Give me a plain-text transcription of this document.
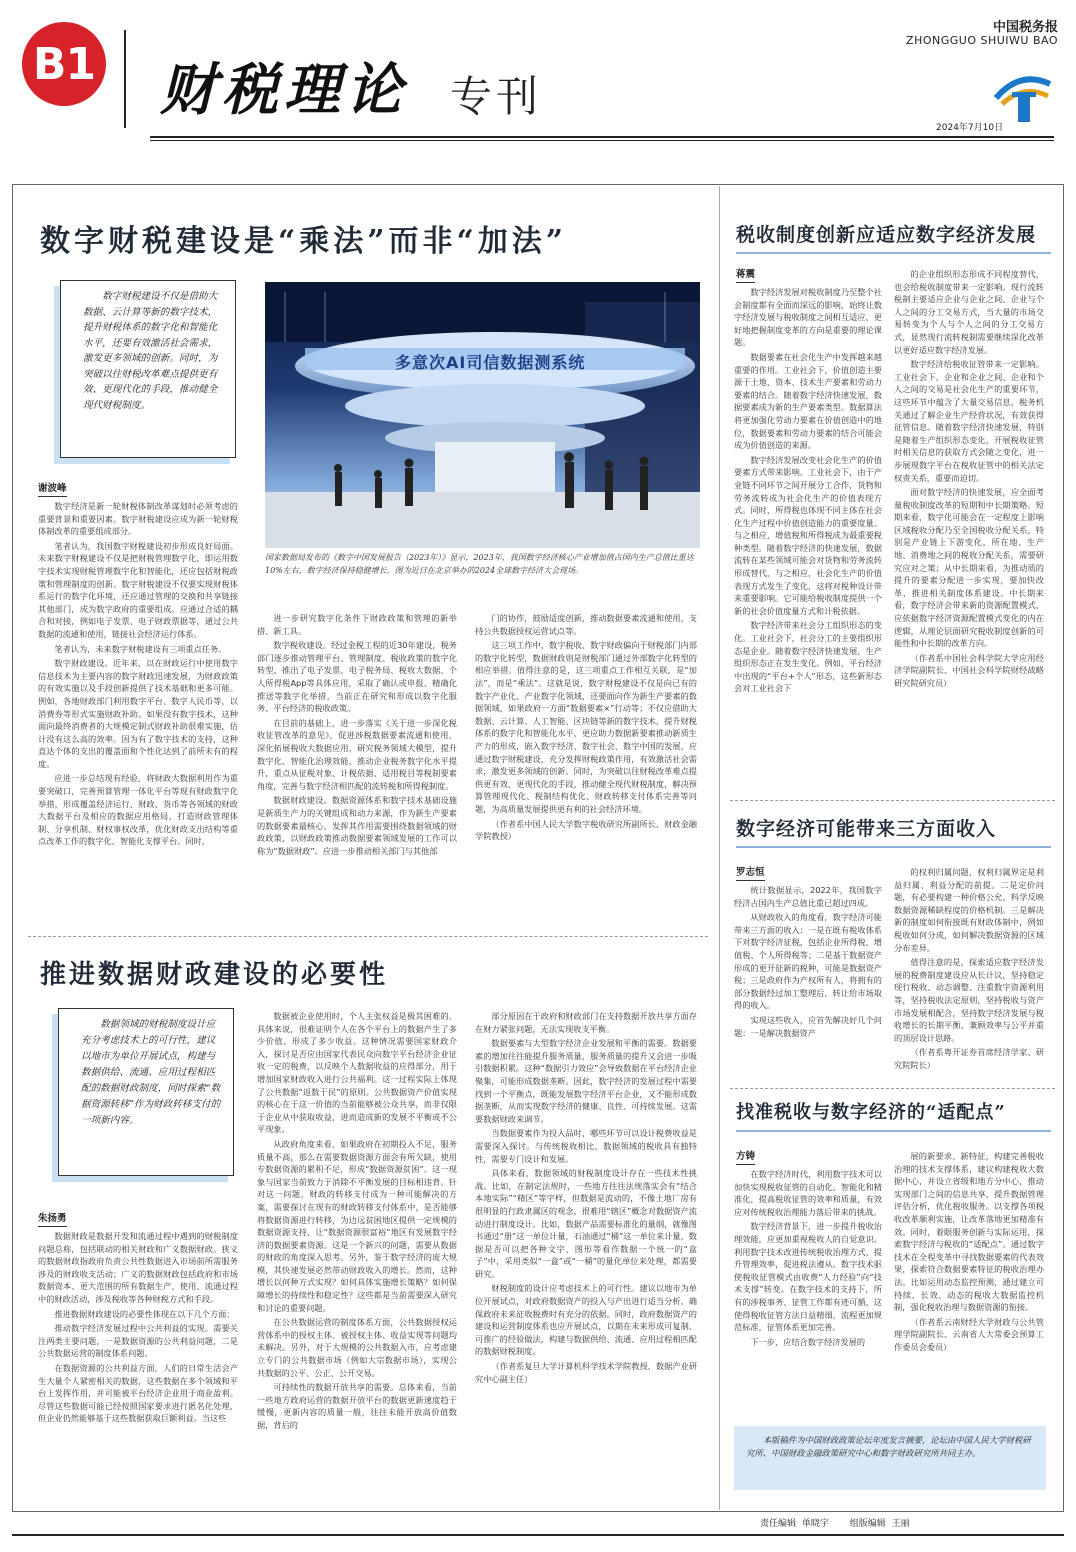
B1 财税理论 专刊
中国税务报
ZHONGGUO SHUIWU BAO
2024年7月10日
数字财税建设是“乘法”而非“加法”
数字财税建设不仅是借助大数据、云计算等新的数字技术，提升财税体系的数字化和智能化水平，还要有效激活社会需求，激发更多领域的创新。同时，为突破以往财税改革难点提供更有效、更现代化的手段，推动健全现代财税制度。
多意次AI司信数据测系统
国家数据局发布的《数字中国发展报告（2023年）》显示，2023年，我国数字经济核心产业增加值占国内生产总值比重达10%左右，数字经济保持稳健增长。图为近日在北京举办的2024全球数字经济大会现场。
谢波峰

数字经济是新一轮财税体制改革谋划时必须考虑的重要背景和重要因素。数字财税建设应成为新一轮财税体制改革的重要组成部分。

笔者认为，我国数字财税建设初步形成良好局面。未来数字财税建设不仅是把财税管理数字化，即运用数字技术实现财税管理数字化和智能化，还应包括财税政策和管理制度的创新。数字财税建设不仅要实现财税体系运行的数字化环境，还应通过管理的交换和共享链接其他部门，成为数字政府的重要组成。应通过合适的耦合和对接，例如电子发票、电子财政票据等，通过公共数据的流通和使用，链接社会经济运行体系。

笔者认为，未来数字财税建设有三项重点任务。

数字财政建设。近年来，以在财政运行中使用数字信息技术为主要内容的数字财政迅速发展，为财政政策的有效实施以及手段创新提供了技术基础和更多可能。例如，各地财政部门利用数字平台、数字人民币等，以消费券等形式实施财政补助。如果没有数字技术，这种面向最终消费者的大规模定制式财政补助很难实施，估计没有这么高的效率。因为有了数字技术的支持，这种直达个体的支出的覆盖面和个性化达到了前所未有的程度。

应进一步总结现有经验，将财政大数据利用作为重要突破口，完善预算管理一体化平台等现有财政数字化举措，形成覆盖经济运行、财政、货币等各领域的财政大数据平台及相应的数据应用格局，打造财政管理体制、分享机制、财权事权改革，优化财政支出结构等重点改革工作的数字化、智能化支撑平台。同时，

进一步研究数字化条件下财政政策和管理的新举措、新工具。

数字税收建设。经过金税工程的近30年建设，税务部门逐步推动管理平台、管理制度、税收政策的数字化转型，推出了电子发票、电子税务局、税收大数据、个人所得税App等具体应用，采取了确认或申报、精确化推送等数字化举措，当前正在研究和形成以数字化服务、平台经济的税收政策。

在目前的基础上，进一步落实《关于进一步深化税收征管改革的意见》，促进涉税数据要素流通和使用，深化拓展税收大数据应用，研究税务领域大模型，提升数字化、智能化治理效能，推动企业税务数字化水平提升，重点从征税对象、计税依据、适用税目等税制要素角度，完善与数字经济相匹配的流转税和所得税制度。

数据财政建设。数据资源体系和数字技术基础设施是新质生产力的关键组成和动力来源，作为新生产要素的数据要素最核心，发挥其作用需要围绕数据领域的财政政策，以财政政策推动数据要素领域发展的工作可以称为“数据财政”。应进一步推动相关部门与其他部

门的协作，鼓励适度创新，推动数据要素流通和使用，支持公共数据授权运营试点等。

这三项工作中，数字税收、数字财政偏向于财税部门内部的数字化转型，数据财政则是财税部门通过外部数字化转型的相应举措。值得注意的是，这三项重点工作相互关联，是“加法”，而是“乘法”。这就是说，数字财税建设不仅是向已有的数字产业化、产业数字化领域，还要面向作为新生产要素的数据领域，如果政府一方面“数据要素×”行动等；不仅应借助大数据、云计算、人工智能、区块链等新的数字技术，提升财税体系的数字化和智能化水平，更应助力数据新要素推动新质生产力的形成，嵌入数字经济、数字社会、数字中国的发展，应通过数字财税建设，充分发挥财税政策作用，有效激活社会需求，激发更多领域的创新。同时，为突破以往财税改革难点提供更有效、更现代化的手段，推动健全现代财税制度，解决预算管理现代化、税制结构优化、财政转移支付体系完善等问题，为高质量发展提供更有利的社会经济环境。

（作者系中国人民大学数字税收研究所副所长、财政金融学院教授）

推进数据财政建设的必要性
数据领域的财税制度设计应充分考虑技术上的可行性，建议以地市为单位开展试点，构建与数据供给、流通、应用过程相匹配的数据财政制度，同时探索“数据资源转移”作为财政转移支付的一项新内容。
朱扬勇

数据财政是数据开发和流通过程中遇到的财税制度问题总称，包括联动的相关财政和广义数据财政。狭义的数据财政指政府负责公共性数据进入市场前所需服务涉及的财政收支活动；广义的数据财政包括政府和市场数据资本、更大范围的所有数据生产、使用、流通过程中的财政活动，涉及税收等各种财税方式和手段。

推进数据财政建设的必要性体现在以下几个方面：

推动数字经济发展过程中公共利益的实现。需要关注两类主要问题，一是数据资源的公共利益问题，二是公共数据运营的制度体系问题。

在数据资源的公共利益方面，人们的日常生活会产生大量个人紧密相关的数据，这些数据在多个领域和平台上发挥作用，并可能被平台经济企业用于商业盈利。尽管这些数据可能已经按照国家要求进行匿名化处理，但企业仍然能够基于这些数据获取巨额利益。当这些

数据被企业使用时，个人主张权益是极其困难的。具体来说，很难证明个人在各个平台上的数据产生了多少价值、形成了多少收益。这种情况需要国家财政介入，探讨是否应由国家代表民众向数字平台经济企业征收一定的税费，以反映个人数据收益的应得部分，用于增加国家财政收入进行公共福利。这一过程实际上体现了公共数据“返数于民”的原则。公共数据资产价值实现的核心在于这一价值的当前能够被公众共享，而非仅限于企业从中获取收益，进而造成新的发展不平衡或不公平现象。

从政府角度来看，如果政府在初期投入不足，服务质量不高，那么在需要数据资源方面会有所欠缺，使用专数据资源的累积不足，形成“数据资源贫困”。这一现象与国家当前致力于消除不平衡发展的目标相违背。针对这一问题，财政的转移支付成为一种可能解决的方案，需要探讨在现有的财政转移支付体系中，是否能够将数据资源进行转移，为边远贫困地区提供一定规模的数据资源支持，让“数据资源很富裕”地区有发展数字经济的数据要素资源。这是一个新兴的问题，需要从数据的财政的角度深入思考。另外，鉴于数字经济的庞大规模，其快速发展必然带动财政收入的增长。然而，这种增长以何种方式实现？如何具体实施增长策略？如何保障增长的持续性和稳定性？这些都是当前需要深入研究和讨论的重要问题。

在公共数据运营的制度体系方面，公共数据授权运营体系中的授权主体、被授权主体、收益实现等问题均未解决。另外，对于大规模的公共数据入市，应考虑建立专门的公共数据市场（例如大宗数据市场），实现公共数据的公平、公正、公开交易。

可持续性的数据开放共享的需要。总体来看，当前一些地方政府运营的数据开放平台的数据更新速度趋于缓慢，更新内容的质量一般，往往未能开放高价值数据，背后的

部分原因在于政府和财政部门在支持数据开放共享方面存在财力紧张问题，无法实现收支平衡。

数据要素与大型数字经济企业发展和平衡的需要。数据要素的增加往往能提升服务质量，服务质量的提升又会进一步吸引数据积累。这种“数据引力效应”会导致数据在平台经济企业聚集，可能形成数据垄断。因此，数字经济的发展过程中需要找到一个平衡点，既能发展数字经济平台企业，又不能形成数据垄断，从而实现数字经济的健康、良性、可持续发展。这需要数据财政来调节。

当数据要素作为投入品时，哪些环节可以设计税费收益是需要深入探讨。与传统税收相比，数据领域的税收具有独特性，需要专门设计和发展。

具体来看，数据领域的财税制度设计存在一些技术性挑战。比如，在制定法规时，一些地方往往法规落实会有“结合本地实际”“精区”等字样，但数据是流动的，不像土地厂房有很明显的行政隶属区的观念，很难用“辖区”概念对数据资产流动进行制度设计。比如，数据产品需要标准化的量纲，就像图书通过“册”这一单位计量，石油通过“桶”这一单位来计量，数据是否可以把各种文字、图形等看作数据一个统一的“盒子”中，采用类似“一盒”或“一桶”的量化单位来处理，都需要研究。

财税制度的设计应考虑技术上的可行性。建议以地市为单位开展试点，对政府数据资产的投入与产出进行适当分析，确保政府未来征收税费时有充分的依据。同时，政府数据资产的建设和运营制度体系也应开展试点，以期在未来形成可复制、可推广的经验做法，构建与数据供给、流通、应用过程相匹配的数据财税制度。

（作者系复旦大学计算机科学技术学院教授、数据产业研究中心副主任）

税收制度创新应适应数字经济发展
蒋震

数字经济发展对税收制度乃至整个社会制度都有全面而深远的影响，始终让数字经济发展与税收制度之间相互适应、更好地把握制度变革的方向是重要的理论课题。

数据要素在社会化生产中发挥越来越重要的作用。工业社会下，价值创造主要源于土地、资本、技术生产要素和劳动力要素的结合。随着数字经济快速发展，数据要素成为新的生产要素类型。数据算法将更加强化劳动力要素在价值创造中的地位，数据要素和劳动力要素的结合可能会成为价值创造的来源。

数字经济发展改变社会化生产的价值要素方式带来影响。工业社会下，由于产业链不同环节之间开展分工合作，货物和劳务流转成为社会化生产的价值表现方式。同时，所得税也体现不同主体在社会化生产过程中价值创造能力的重要度量。与之相应，增值税和所得税成为最重要税种类型。随着数字经济的快速发展，数据流转在某些领域可能会对货物和劳务流转形成替代，与之相应，社会化生产的价值表现方式发生了变化，这将对税种设计带来重要影响。它可能给税收制度提供一个新的社会价值度量方式和计税依据。

数字经济带来社会分工组织形态的变化。工业社会下，社会分工的主要组织形态是企业。随着数字经济快速发展，生产组织形态正在发生变化。例如，平台经济中出现的“平台+个人”形态，这些新形态会对工业社会下

的企业组织形态形成不同程度替代，也会给税收制度带来一定影响。现行流转税制主要适应企业与企业之间、企业与个人之间的分工交易方式，当大量的市场交易转变为个人与个人之间的分工交易方式，显然现行流转税制需要继续深化改革以更好适应数字经济发展。

数字经济给税收征管带来一定影响。工业社会下，企业和企业之间、企业和个人之间的交易是社会化生产的重要环节，这些环节中蕴含了大量交易信息，税务机关通过了解企业生产经营状况，有效获得征管信息。随着数字经济快速发展，特别是随着生产组织形态变化，开展税收征管时相关信息的获取方式会随之变化，进一步展现数字平台在税收征管中的相关法定权责关系，重要而迫切。

面对数字经济的快速发展，应全面考量税收制度改革的短期和中长期策略。短期来看，数字化可能会在一定程度上影响区域税收分配乃至全国税收分配关系，特别是产业链上下游变化，所在地、生产地、消费地之间的税收分配关系，需要研究应对之策；从中长期来看，为推动质的提升的要素分配进一步实现，要加快改革，推进相关制度体系建设。中长期来看，数字经济会带来新的资源配置模式，应依据数字经济资源配置模式变化的内在逻辑，从理论层面研究税收制度创新的可能性和中长期的改革方向。

（作者系中国社会科学院大学应用经济学院副院长、中国社会科学院财经战略研究院研究员）

数字经济可能带来三方面收入
罗志恒

统计数据显示，2022年，我国数字经济占国内生产总值比重已超过四成。

从财政收入的角度看，数字经济可能带来三方面的收入：一是在既有税收体系下对数字经济征税，包括企业所得税、增值税、个人所得税等；二是基于数据资产形成的更开征新的税种，可能是数据资产税；三是政府作为产权所有人，将拥有的部分数据经过加工整理后，转让给市场取得的收入。

实现这些收入，应首先解决好几个问题：一是解决数据资产

的权利归属问题，权利归属界定是利益归属、利益分配的前提。二是定价问题，有必要构建一种价格公允、科学反映数据资源稀缺程度的价格机制。三是解决新的制度如何衔接既有财政体制中，例如税收如何分成，如何解决数据资源的区域分布差异。

值得注意的是，探索适应数字经济发展的税费制度建设应从长计议，坚持稳定现行税收、动态调整、注重数字资源利用等，坚持税收法定原则，坚持税收与资产市场发展相配合，坚持数字经济发展与税收增长的长期平衡，兼顾效率与公平并重的顶层设计思路。

（作者系粤开证券首席经济学家、研究院院长）

找准税收与数字经济的“适配点”
方铸

在数字经济时代，利用数字技术可以加快实现税收征管的自动化、智能化和精准化，提高税收征管的效率和质量，有效应对传统税收治理能力落后带来的挑战。

数字经济背景下，进一步提升税收治理效能，应更加重视税收人的自觉意识。利用数字技术改进传统税收治理方式，提升管理效率，促进税法遵从。数字技术驱使税收征管模式由收费“人力经验”向“技术支撑”转变。在数字技术的支持下，所有的涉税事务、征管工作都有迹可循，这使得税收征管方法日益精细，流程更加规范标准，征管体系更加完善。

下一步，应结合数字经济发展的

展的新要求、新特征，构建完善税收治理的技术支撑体系，建议构建税收大数据中心，并设立省级和地方分中心，推动实现部门之间的信息共享，提升数据管理评估分析，优化税收服务。以支撑各项税收改革顺利实施，让改革落地更加精准有效。同时，着眼服务创新与实际运用，探索数字经济与税收的“适配点”。通过数字技术在全程变革中寻找数据要素的代表效果，探索符合数据要素特征的税收治理办法。比如运用动态监控预测，通过建立可持续、长效、动态的税收大数据监控机制，强化税收治理与数据资源的衔接。

（作者系云南财经大学财政与公共管理学院副院长、云南省人大常委会预算工作委员会委员）

本版稿件为中国财政政策论坛年度发言摘要，论坛由中国人民大学财税研究所、中国财政金融政策研究中心和数字财政研究所共同主办。
责任编辑 单晓宇 组版编辑 王丽
